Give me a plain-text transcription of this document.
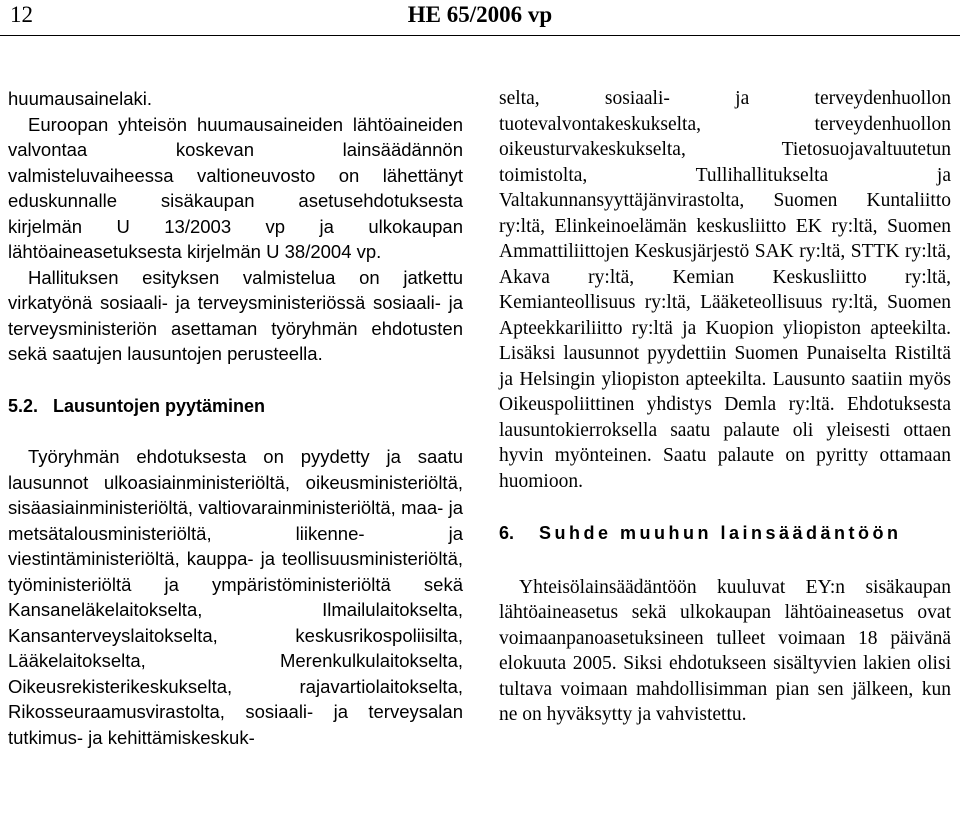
12	HE 65/2006 vp

huumausainelaki.

Euroopan yhteisön huumausaineiden lähtöaineiden valvontaa koskevan lainsäädännön valmisteluvaiheessa valtioneuvosto on lähettänyt eduskunnalle sisäkaupan asetusehdotuksesta kirjelmän U 13/2003 vp ja ulkokaupan lähtöaineasetuksesta kirjelmän U 38/2004 vp.

Hallituksen esityksen valmistelua on jatkettu virkatyönä sosiaali- ja terveysministeriössä sosiaali- ja terveysministeriön asettaman työryhmän ehdotusten sekä saatujen lausuntojen perusteella.

5.2. Lausuntojen pyytäminen

Työryhmän ehdotuksesta on pyydetty ja saatu lausunnot ulkoasiainministeriöltä, oikeusministeriöltä, sisäasiainministeriöltä, valtiovarainministeriöltä, maa- ja metsätalousministeriöltä, liikenne- ja viestintäministeriöltä, kauppa- ja teollisuusministeriöltä, työministeriöltä ja ympäristöministeriöltä sekä Kansaneläkelaitokselta, Ilmailulaitokselta, Kansanterveyslaitokselta, keskusrikospoliisilta, Lääkelaitokselta, Merenkulkulaitokselta, Oikeusrekisterikeskukselta, rajavartiolaitokselta, Rikosseuraamusvirastolta, sosiaali- ja terveysalan tutkimus- ja kehittämiskeskuk-

selta, sosiaali- ja terveydenhuollon tuotevalvontakeskukselta, terveydenhuollon oikeusturvakeskukselta, Tietosuojavaltuutetun toimistolta, Tullihallitukselta ja Valtakunnansyyttäjänvirastolta, Suomen Kuntaliitto ry:ltä, Elinkeinoelämän keskusliitto EK ry:ltä, Suomen Ammattiliittojen Keskusjärjestö SAK ry:ltä, STTK ry:ltä, Akava ry:ltä, Kemian Keskusliitto ry:ltä, Kemianteollisuus ry:ltä, Lääketeollisuus ry:ltä, Suomen Apteekkariliitto ry:ltä ja Kuopion yliopiston apteekilta. Lisäksi lausunnot pyydettiin Suomen Punaiselta Ristiltä ja Helsingin yliopiston apteekilta. Lausunto saatiin myös Oikeuspoliittinen yhdistys Demla ry:ltä. Ehdotuksesta lausuntokierroksella saatu palaute oli yleisesti ottaen hyvin myönteinen. Saatu palaute on pyritty ottamaan huomioon.

6. Suhde muuhun lainsäädäntöön

Yhteisölainsäädäntöön kuuluvat EY:n sisäkaupan lähtöaineasetus sekä ulkokaupan lähtöaineasetus ovat voimaanpanoasetuksineen tulleet voimaan 18 päivänä elokuuta 2005. Siksi ehdotukseen sisältyvien lakien olisi tultava voimaan mahdollisimman pian sen jälkeen, kun ne on hyväksytty ja vahvistettu.
